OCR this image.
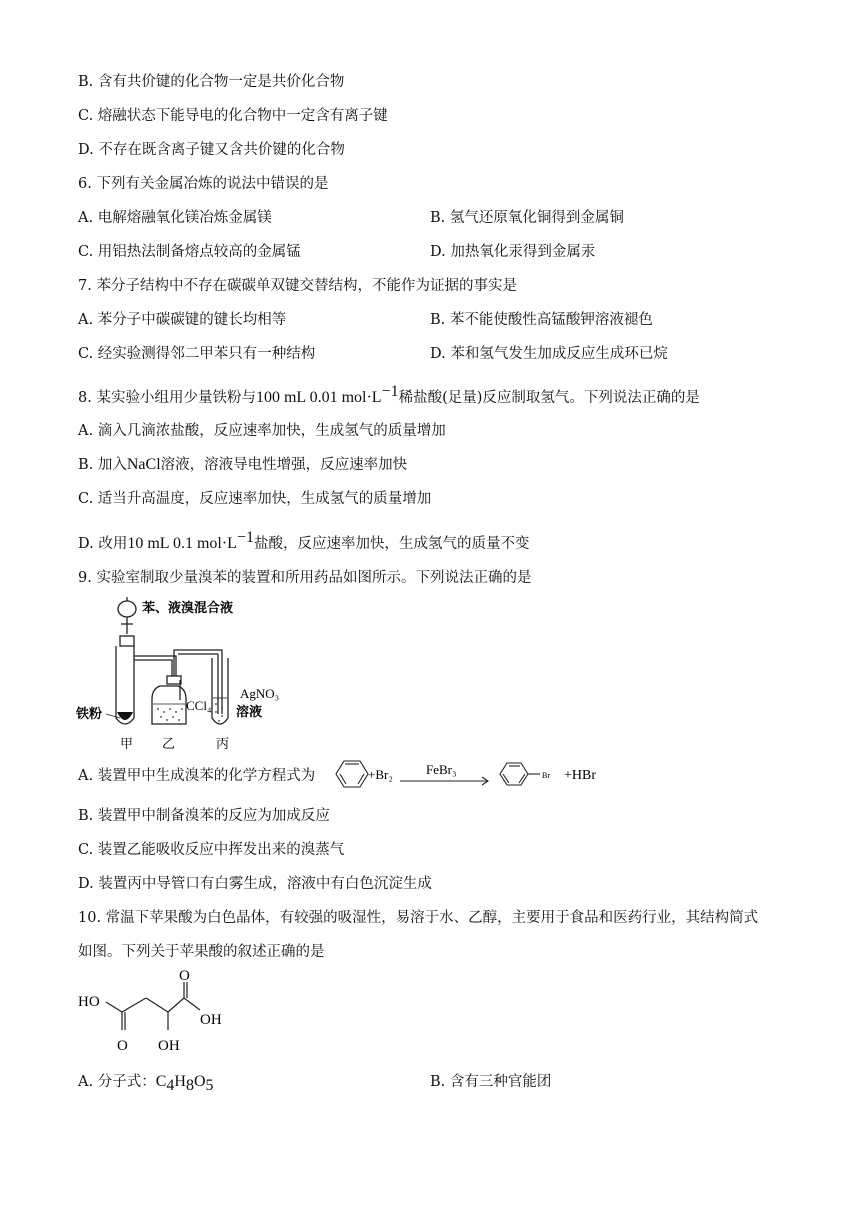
B. 含有共价键的化合物一定是共价化合物
C. 熔融状态下能导电的化合物中一定含有离子键
D. 不存在既含离子键又含共价键的化合物
6. 下列有关金属冶炼的说法中错误的是
A. 电解熔融氧化镁冶炼金属镁	B. 氢气还原氧化铜得到金属铜
C. 用铝热法制备熔点较高的金属锰	D. 加热氧化汞得到金属汞
7. 苯分子结构中不存在碳碳单双键交替结构，不能作为证据的事实是
A. 苯分子中碳碳键的键长均相等	B. 苯不能使酸性高锰酸钾溶液褪色
C. 经实验测得邻二甲苯只有一种结构	D. 苯和氢气发生加成反应生成环已烷
8. 某实验小组用少量铁粉与100 mL 0.01 $mol\cdot L^{-1}$稀盐酸(足量)反应制取氢气。下列说法正确的是
A. 滴入几滴浓盐酸，反应速率加快，生成氢气的质量增加
B. 加入NaCl溶液，溶液导电性增强，反应速率加快
C. 适当升高温度，反应速率加快，生成氢气的质量增加
D. 改用10 mL 0.1 $mol\cdot L^{-1}$盐酸，反应速率加快，生成氢气的质量不变
9. 实验室制取少量溴苯的装置和所用药品如图所示。下列说法正确的是
苯、液溴混合液
铁粉
CCl₄
AgNO₃
溶液
甲 乙	丙
A. 装置甲中生成溴苯的化学方程式为	+Br₂	FeBr₃	Br +HBr
B. 装置甲中制备溴苯的反应为加成反应
C. 装置乙能吸收反应中挥发出来的溴蒸气
D. 装置丙中导管口有白雾生成，溶液中有白色沉淀生成
10. 常温下苹果酸为白色晶体，有较强的吸湿性，易溶于水、乙醇，主要用于食品和医药行业，其结构简式
如图。下列关于苹果酸的叙述正确的是
HO
O
OH
O OH
A. 分子式：$C_4H_8O_5$	B. 含有三种官能团
